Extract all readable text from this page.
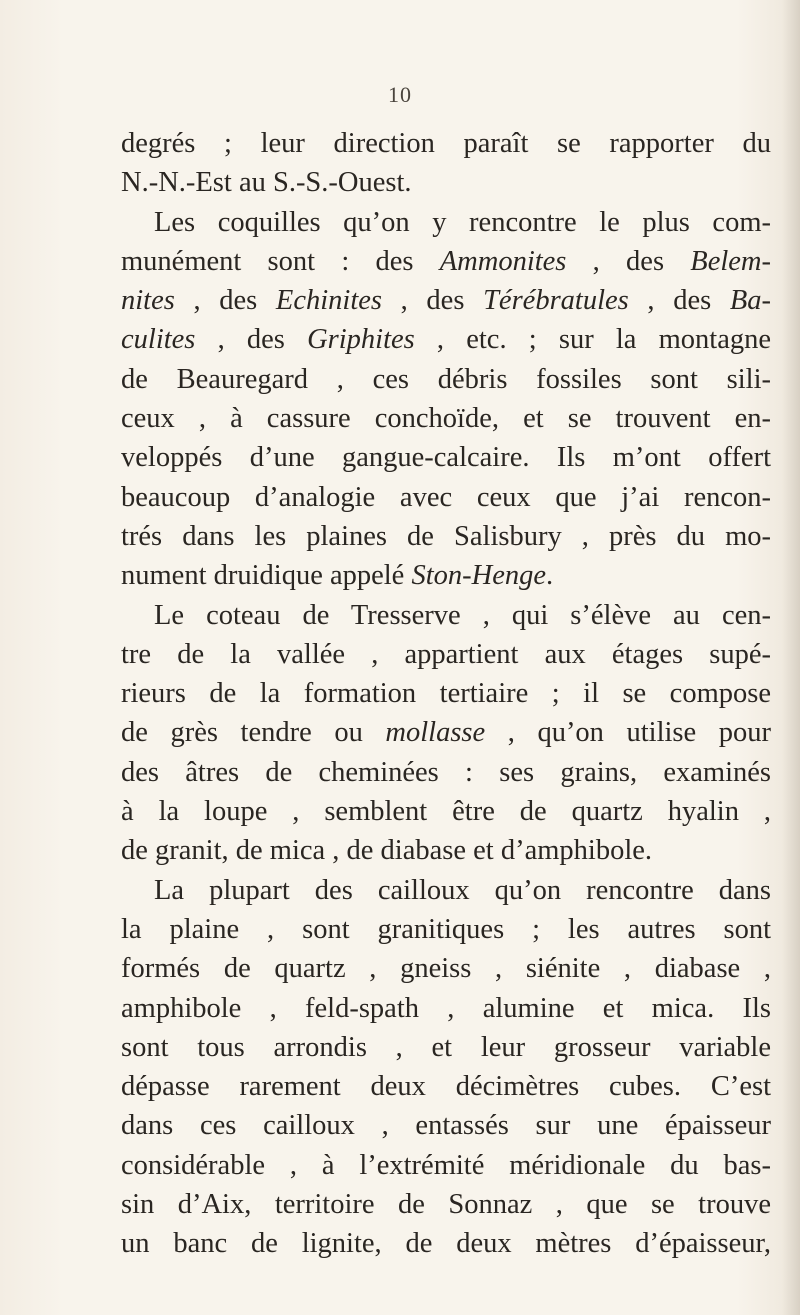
10
degrés ; leur direction paraît se rapporter du
N.-N.-Est au S.-S.-Ouest.
Les coquilles qu’on y rencontre le plus com-
munément sont : des Ammonites , des Belem-
nites , des Echinites , des Térébratules , des Ba-
culites , des Griphites , etc. ; sur la montagne
de Beauregard , ces débris fossiles sont sili-
ceux , à cassure conchoïde, et se trouvent en-
veloppés d’une gangue-calcaire. Ils m’ont offert
beaucoup d’analogie avec ceux que j’ai rencon-
trés dans les plaines de Salisbury , près du mo-
nument druidique appelé Ston-Henge.
Le coteau de Tresserve , qui s’élève au cen-
tre de la vallée , appartient aux étages supé-
rieurs de la formation tertiaire ; il se compose
de grès tendre ou mollasse , qu’on utilise pour
des âtres de cheminées : ses grains, examinés
à la loupe , semblent être de quartz hyalin ,
de granit, de mica , de diabase et d’amphibole.
La plupart des cailloux qu’on rencontre dans
la plaine , sont granitiques ; les autres sont
formés de quartz , gneiss , siénite , diabase ,
amphibole , feld-spath , alumine et mica. Ils
sont tous arrondis , et leur grosseur variable
dépasse rarement deux décimètres cubes. C’est
dans ces cailloux , entassés sur une épaisseur
considérable , à l’extrémité méridionale du bas-
sin d’Aix, territoire de Sonnaz , que se trouve
un banc de lignite, de deux mètres d’épaisseur,
